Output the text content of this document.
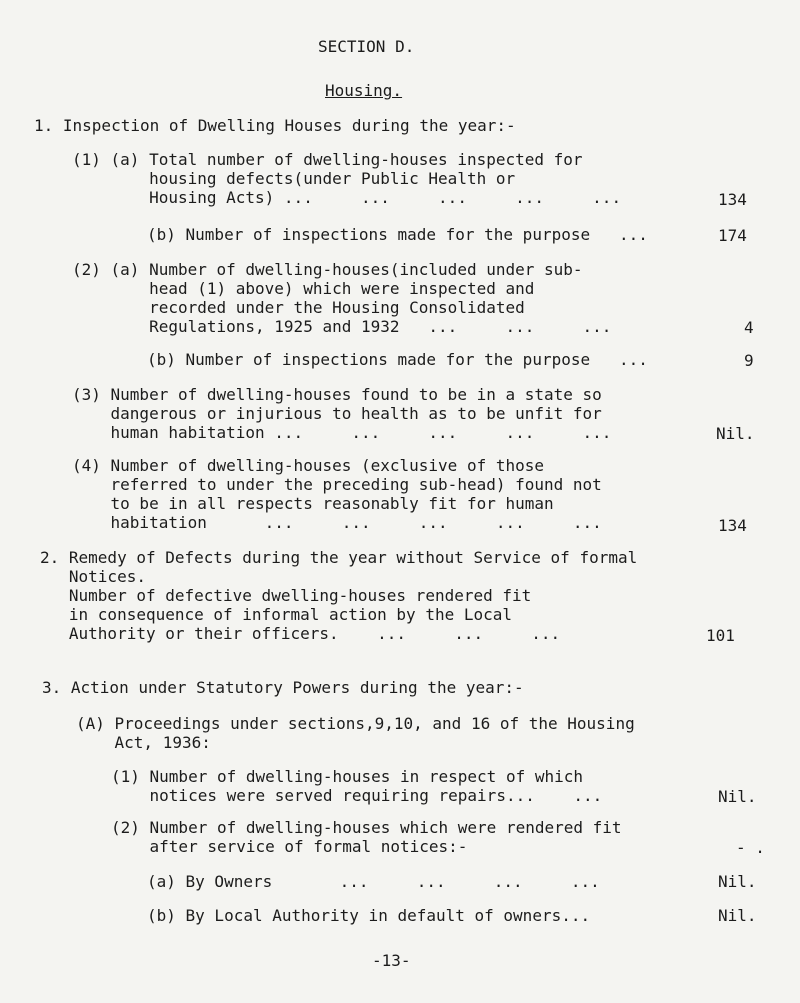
SECTION D.
Housing.
1. Inspection of Dwelling Houses during the year:-
(1) (a) Total number of dwelling-houses inspected for
housing defects(under Public Health or
Housing Acts) ...     ...     ...     ...     ...	134
(b) Number of inspections made for the purpose   ...	174
(2) (a) Number of dwelling-houses(included under sub-
head (1) above) which were inspected and
recorded under the Housing Consolidated
Regulations, 1925 and 1932   ...     ...     ...	4
(b) Number of inspections made for the purpose   ...	9
(3) Number of dwelling-houses found to be in a state so
dangerous or injurious to health as to be unfit for
human habitation ...     ...     ...     ...     ...	Nil.
(4) Number of dwelling-houses (exclusive of those
referred to under the preceding sub-head) found not
to be in all respects reasonably fit for human
habitation      ...     ...     ...     ...     ...	134
2. Remedy of Defects during the year without Service of formal
Notices.
Number of defective dwelling-houses rendered fit
in consequence of informal action by the Local
Authority or their officers.    ...     ...     ...	101
3. Action under Statutory Powers during the year:-
(A) Proceedings under sections,9,10, and 16 of the Housing
Act, 1936:
(1) Number of dwelling-houses in respect of which
notices were served requiring repairs...    ...	Nil.
(2) Number of dwelling-houses which were rendered fit
after service of formal notices:-	- .
(a) By Owners       ...     ...     ...     ...	Nil.
(b) By Local Authority in default of owners...	Nil.
-13-
